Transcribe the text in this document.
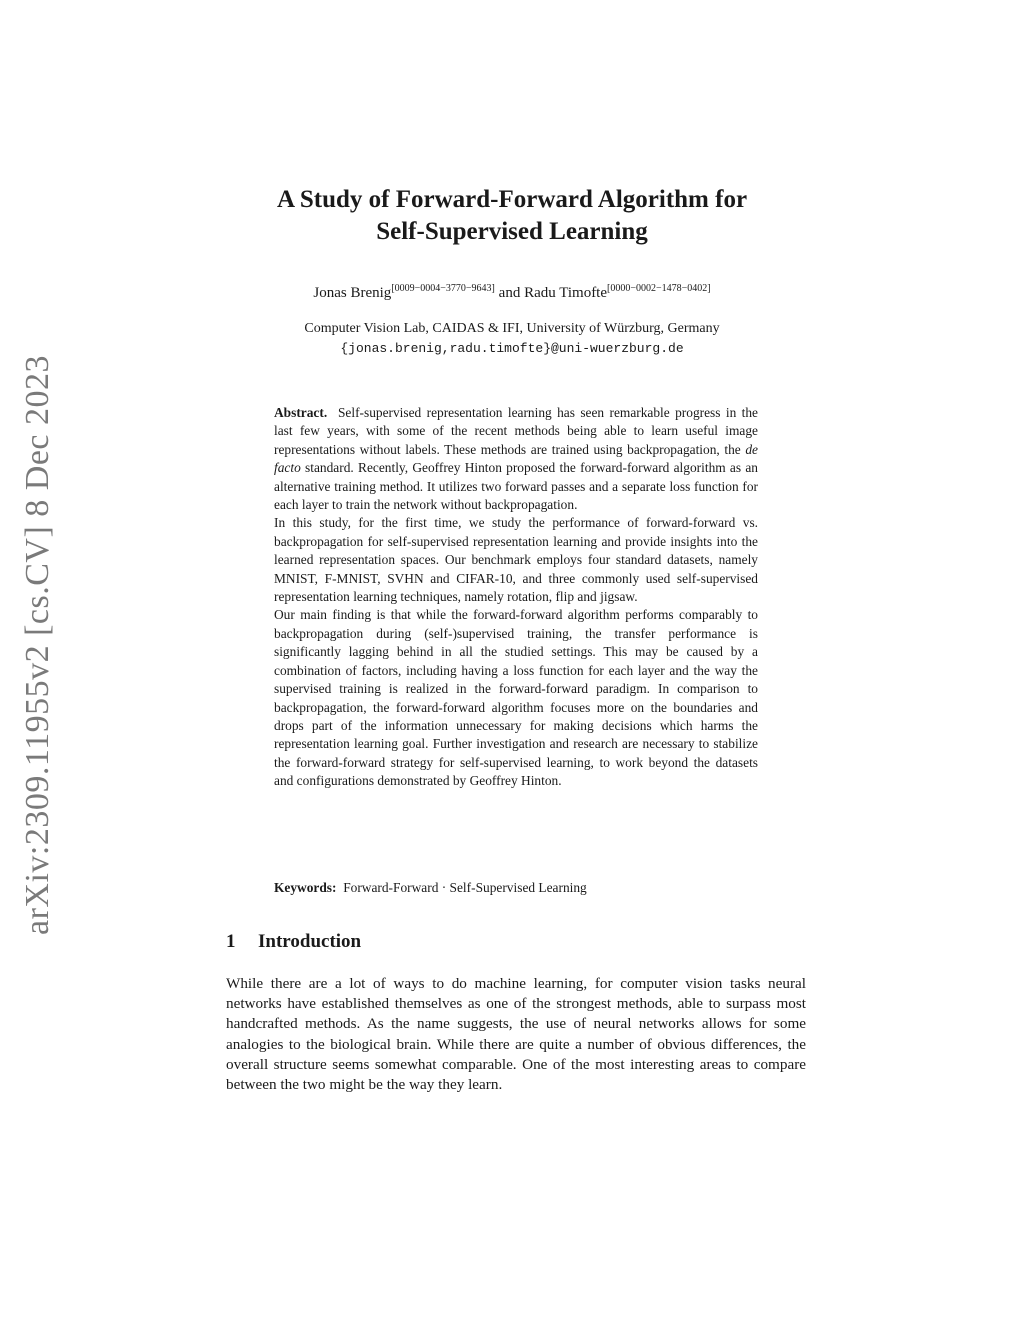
arXiv:2309.11955v2 [cs.CV] 8 Dec 2023
A Study of Forward-Forward Algorithm for
Self-Supervised Learning
Jonas Brenig[0009−0004−3770−9643] and Radu Timofte[0000−0002−1478−0402]
Computer Vision Lab, CAIDAS & IFI, University of Würzburg, Germany
{jonas.brenig,radu.timofte}@uni-wuerzburg.de

Abstract. Self-supervised representation learning has seen remarkable progress in the last few years, with some of the recent methods being able to learn useful image representations without labels. These methods are trained using backpropagation, the de facto standard. Recently, Geoffrey Hinton proposed the forward-forward algorithm as an alternative training method. It utilizes two forward passes and a separate loss function for each layer to train the network without backpropagation.

In this study, for the first time, we study the performance of forward-forward vs. backpropagation for self-supervised representation learning and provide insights into the learned representation spaces. Our benchmark employs four standard datasets, namely MNIST, F-MNIST, SVHN and CIFAR-10, and three commonly used self-supervised representation learning techniques, namely rotation, flip and jigsaw.

Our main finding is that while the forward-forward algorithm performs comparably to backpropagation during (self-)supervised training, the transfer performance is significantly lagging behind in all the studied settings. This may be caused by a combination of factors, including having a loss function for each layer and the way the supervised training is realized in the forward-forward paradigm. In comparison to backpropagation, the forward-forward algorithm focuses more on the boundaries and drops part of the information unnecessary for making decisions which harms the representation learning goal. Further investigation and research are necessary to stabilize the forward-forward strategy for self-supervised learning, to work beyond the datasets and configurations demonstrated by Geoffrey Hinton.

Keywords: Forward-Forward · Self-Supervised Learning
1 Introduction

While there are a lot of ways to do machine learning, for computer vision tasks neural networks have established themselves as one of the strongest methods, able to surpass most handcrafted methods. As the name suggests, the use of neural networks allows for some analogies to the biological brain. While there are quite a number of obvious differences, the overall structure seems somewhat comparable. One of the most interesting areas to compare between the two might be the way they learn.
